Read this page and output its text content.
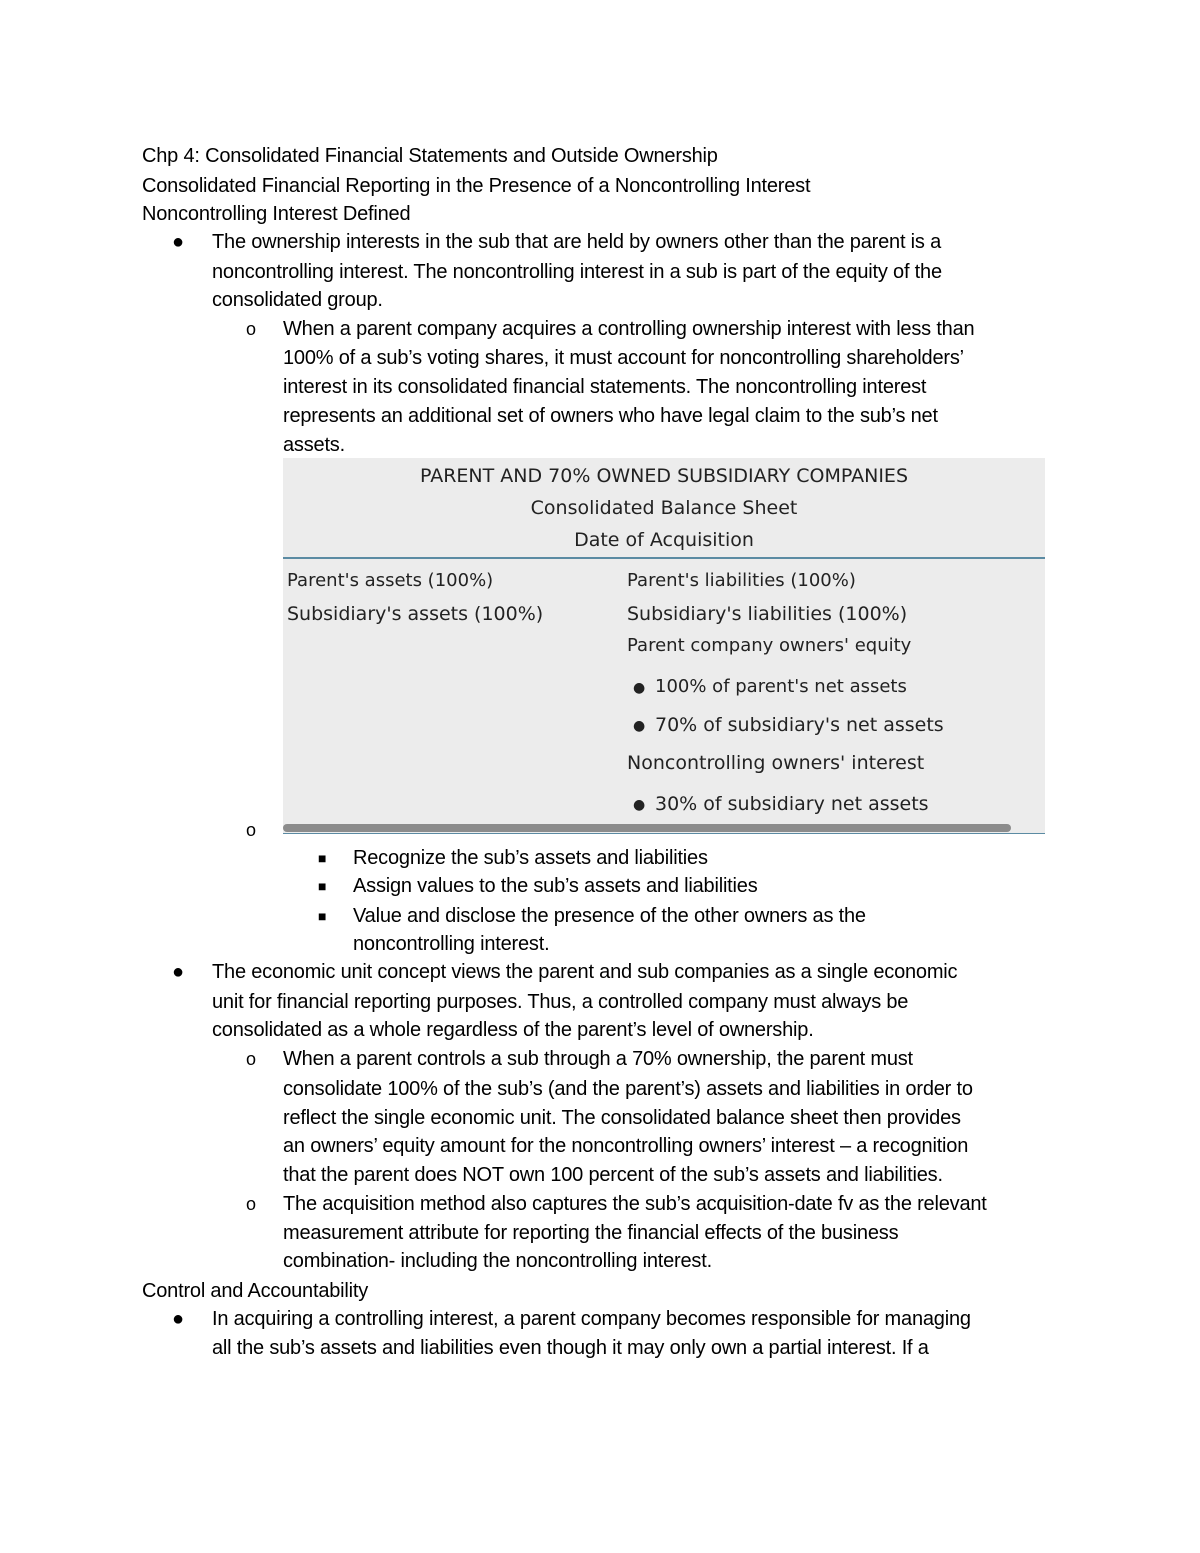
Chp 4: Consolidated Financial Statements and Outside Ownership
Consolidated Financial Reporting in the Presence of a Noncontrolling Interest
Noncontrolling Interest Defined
● The ownership interests in the sub that are held by owners other than the parent is a
noncontrolling interest. The noncontrolling interest in a sub is part of the equity of the
consolidated group.
o When a parent company acquires a controlling ownership interest with less than
100% of a sub’s voting shares, it must account for noncontrolling shareholders’
interest in its consolidated financial statements. The noncontrolling interest
represents an additional set of owners who have legal claim to the sub’s net
assets.
PARENT AND 70% OWNED SUBSIDIARY COMPANIES
Consolidated Balance Sheet
Date of Acquisition
Parent's assets (100%)
Subsidiary's assets (100%)
Parent's liabilities (100%)
Subsidiary's liabilities (100%)
Parent company owners' equity
● 100% of parent's net assets
● 70% of subsidiary's net assets
Noncontrolling owners' interest
● 30% of subsidiary net assets
o
■ Recognize the sub’s assets and liabilities
■ Assign values to the sub’s assets and liabilities
■ Value and disclose the presence of the other owners as the
noncontrolling interest.
● The economic unit concept views the parent and sub companies as a single economic
unit for financial reporting purposes. Thus, a controlled company must always be
consolidated as a whole regardless of the parent’s level of ownership.
o When a parent controls a sub through a 70% ownership, the parent must
consolidate 100% of the sub’s (and the parent’s) assets and liabilities in order to
reflect the single economic unit. The consolidated balance sheet then provides
an owners’ equity amount for the noncontrolling owners’ interest – a recognition
that the parent does NOT own 100 percent of the sub’s assets and liabilities.
o The acquisition method also captures the sub’s acquisition-date fv as the relevant
measurement attribute for reporting the financial effects of the business
combination- including the noncontrolling interest.
Control and Accountability
● In acquiring a controlling interest, a parent company becomes responsible for managing
all the sub’s assets and liabilities even though it may only own a partial interest. If a
